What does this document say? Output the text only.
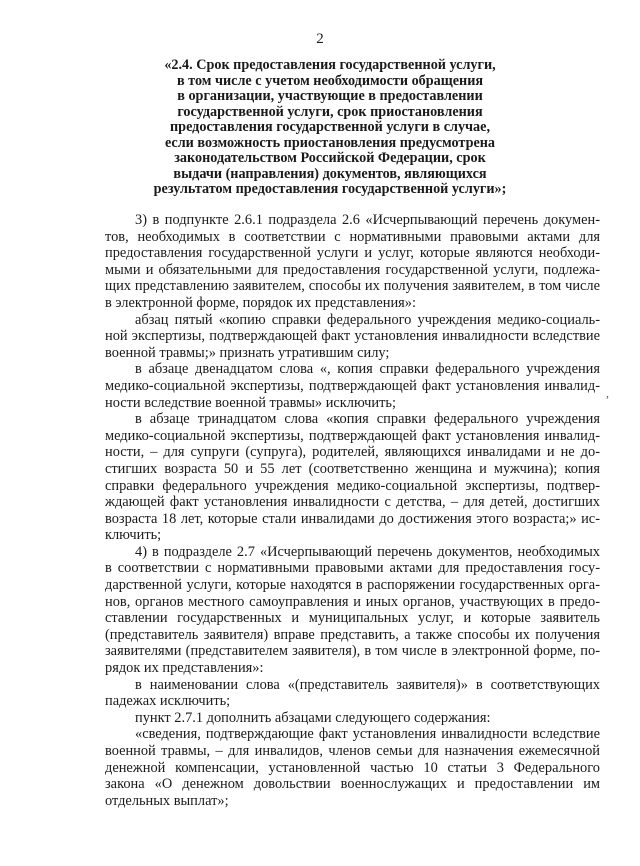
2
«2.4. Срок предоставления государственной услуги,
в том числе с учетом необходимости обращения
в организации, участвующие в предоставлении
государственной услуги, срок приостановления
предоставления государственной услуги в случае,
если возможность приостановления предусмотрена
законодательством Российской Федерации, срок
выдачи (направления) документов, являющихся
результатом предоставления государственной услуги»;

3) в подпункте 2.6.1 подраздела 2.6 «Исчерпывающий перечень документов, необходимых в соответствии с нормативными правовыми актами для предоставления государственной услуги и услуг, которые являются необходимыми и обязательными для предоставления государственной услуги, подлежащих представлению заявителем, способы их получения заявителем, в том числе в электронной форме, порядок их представления»:

абзац пятый «копию справки федерального учреждения медико-социальной экспертизы, подтверждающей факт установления инвалидности вследствие военной травмы;» признать утратившим силу;

в абзаце двенадцатом слова «, копия справки федерального учреждения медико-социальной экспертизы, подтверждающей факт установления инвалидности вследствие военной травмы» исключить;

в абзаце тринадцатом слова «копия справки федерального учреждения медико-социальной экспертизы, подтверждающей факт установления инвалидности, – для супруги (супруга), родителей, являющихся инвалидами и не достигших возраста 50 и 55 лет (соответственно женщина и мужчина); копия справки федерального учреждения медико-социальной экспертизы, подтверждающей факт установления инвалидности с детства, – для детей, достигших возраста 18 лет, которые стали инвалидами до достижения этого возраста;» исключить;

4) в подразделе 2.7 «Исчерпывающий перечень документов, необходимых в соответствии с нормативными правовыми актами для предоставления государственной услуги, которые находятся в распоряжении государственных органов, органов местного самоуправления и иных органов, участвующих в предоставлении государственных и муниципальных услуг, и которые заявитель (представитель заявителя) вправе представить, а также способы их получения заявителями (представителем заявителя), в том числе в электронной форме, порядок их представления»:

в наименовании слова «(представитель заявителя)» в соответствующих падежах исключить;

пункт 2.7.1 дополнить абзацами следующего содержания:

«сведения, подтверждающие факт установления инвалидности вследствие военной травмы, – для инвалидов, членов семьи для назначения ежемесячной денежной компенсации, установленной частью 10 статьи 3 Федерального закона «О денежном довольствии военнослужащих и предоставлении им отдельных выплат»;

,
